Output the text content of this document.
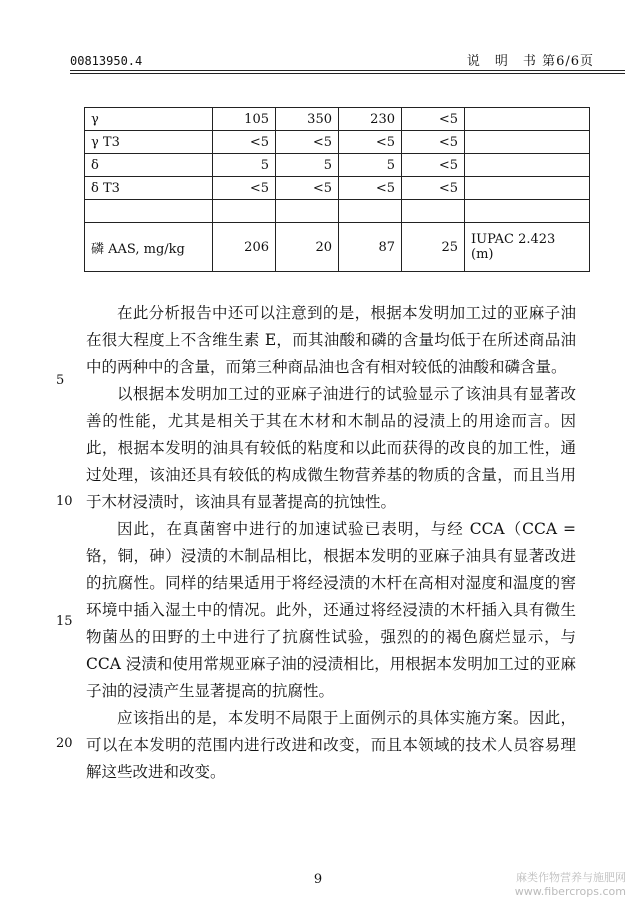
00813950.4	说　明　书 第6/6页
γ	105	350	230	<5	
γ T3	<5	<5	<5	<5	
δ	5	5	5	<5	
δ T3	<5	<5	<5	<5	

磷 AAS, mg/kg	206	20	87	25	IUPAC 2.423
(m)

在此分析报告中还可以注意到的是，根据本发明加工过的亚麻子油在很大程度上不含维生素 E，而其油酸和磷的含量均低于在所述商品油中的两种中的含量，而第三种商品油也含有相对较低的油酸和磷含量。

以根据本发明加工过的亚麻子油进行的试验显示了该油具有显著改善的性能，尤其是相关于其在木材和木制品的浸渍上的用途而言。因此，根据本发明的油具有较低的粘度和以此而获得的改良的加工性，通过处理，该油还具有较低的构成微生物营养基的物质的含量，而且当用于木材浸渍时，该油具有显著提高的抗蚀性。

因此，在真菌窖中进行的加速试验已表明，与经 CCA（CCA = 铬，铜，砷）浸渍的木制品相比，根据本发明的亚麻子油具有显著改进的抗腐性。同样的结果适用于将经浸渍的木杆在高相对湿度和温度的窖环境中插入湿土中的情况。此外，还通过将经浸渍的木杆插入具有微生物菌丛的田野的土中进行了抗腐性试验，强烈的的褐色腐烂显示，与 CCA 浸渍和使用常规亚麻子油的浸渍相比，用根据本发明加工过的亚麻子油的浸渍产生显著提高的抗腐性。

应该指出的是，本发明不局限于上面例示的具体实施方案。因此，可以在本发明的范围内进行改进和改变，而且本领域的技术人员容易理解这些改进和改变。

5
10
15
20
9	麻类作物营养与施肥网
www.fibercrops.com
